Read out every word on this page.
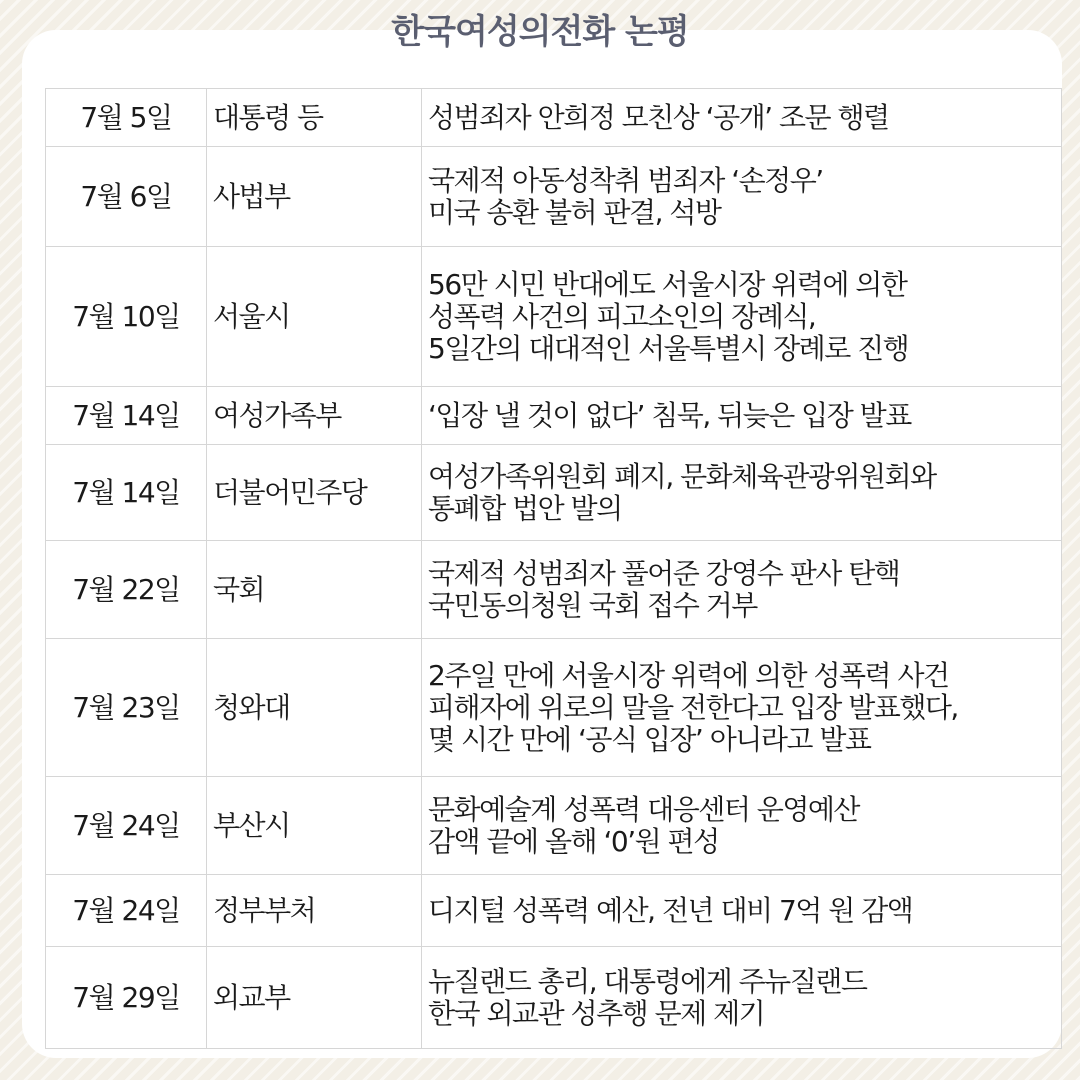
한국여성의전화 논평
7월 5일	대통령 등	성범죄자 안희정 모친상 ‘공개’ 조문 행렬

7월 6일	사법부	국제적 아동성착취 범죄자 ‘손정우’
미국 송환 불허 판결, 석방

7월 10일	서울시	56만 시민 반대에도 서울시장 위력에 의한
성폭력 사건의 피고소인의 장례식,
5일간의 대대적인 서울특별시 장례로 진행

7월 14일	여성가족부	‘입장 낼 것이 없다’ 침묵, 뒤늦은 입장 발표

7월 14일	더불어민주당	여성가족위원회 폐지, 문화체육관광위원회와
통폐합 법안 발의

7월 22일	국회	국제적 성범죄자 풀어준 강영수 판사 탄핵
국민동의청원 국회 접수 거부

7월 23일	청와대	2주일 만에 서울시장 위력에 의한 성폭력 사건
피해자에 위로의 말을 전한다고 입장 발표했다,
몇 시간 만에 ‘공식 입장’ 아니라고 발표

7월 24일	부산시	문화예술계 성폭력 대응센터 운영예산
감액 끝에 올해 ‘0’원 편성

7월 24일	정부부처	디지털 성폭력 예산, 전년 대비 7억 원 감액

7월 29일	외교부	뉴질랜드 총리, 대통령에게 주뉴질랜드
한국 외교관 성추행 문제 제기
